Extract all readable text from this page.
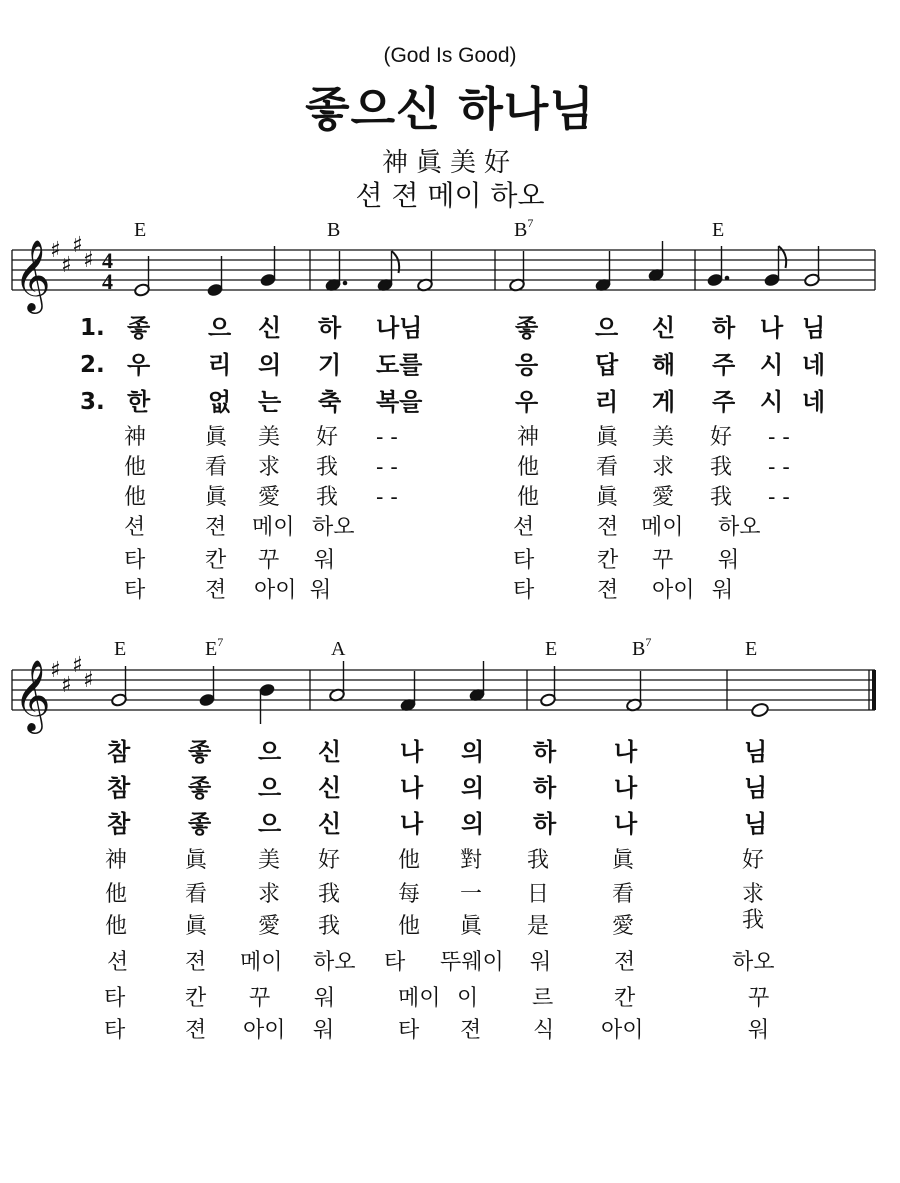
(God Is Good)
좋으신 하나님
神眞美好
션 젼 메이 하오
𝄞 ♯
♯
♯
♯ 4
4
𝄞 ♯
♯
♯
♯
E	B	$B^7$	E
E	$E^7$	A	E	$B^7$	E
1. 좋 으 신 하 나님	좋 으 신 하 나 님
2. 우 리 의 기 도를	응 답 해 주 시 네
3. 한 없 는 축 복을	우 리 게 주 시 네
神	眞 美 好 - -	神	眞 美 好 - -
他	看 求 我 - -	他	看 求 我 - -
他	眞 愛 我 - -	他	眞 愛 我 - -
션	젼 메이 하오	션	젼 메이 하오
타	칸 꾸 워	타	칸 꾸 워
타	젼 아이 워	타	젼 아이 워
참 좋 으 신 나 의 하 나	님
참 좋 으 신 나 의 하 나	님
참 좋 으 신 나 의 하 나	님
神	眞 美 好	他 對 我	眞	好
他	看 求 我	每 一 日	看	求
他	眞 愛 我	他 眞 是	愛	我
션	젼 메이 하오 타 뚜웨이 워	젼	하오
타	칸 꾸 워	메이 이 르	칸	꾸
타	젼 아이 워	타 젼 식 아이	워
